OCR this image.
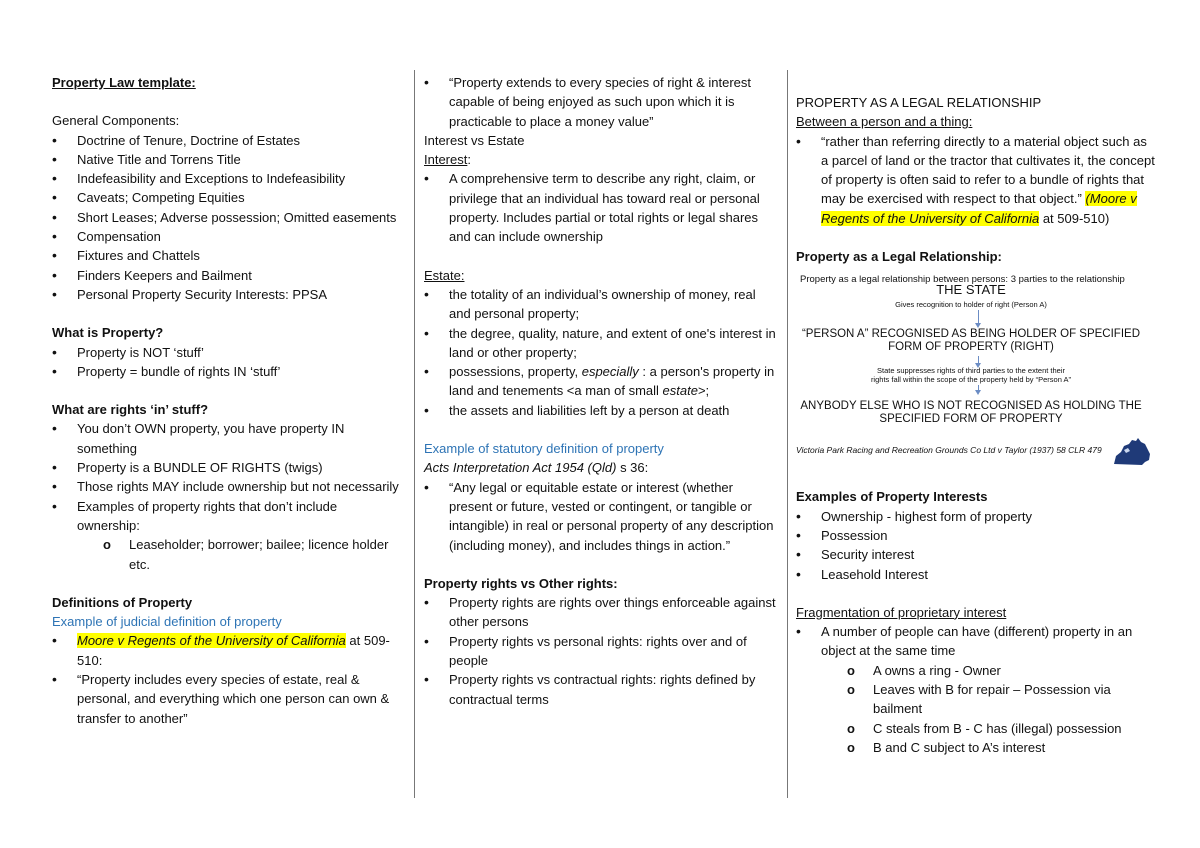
Property Law template:

General Components:

• Doctrine of Tenure, Doctrine of Estates
• Native Title and Torrens Title
• Indefeasibility and Exceptions to Indefeasibility
• Caveats; Competing Equities
• Short Leases; Adverse possession; Omitted easements
• Compensation
• Fixtures and Chattels
• Finders Keepers and Bailment
• Personal Property Security Interests: PPSA

What is Property?

• Property is NOT ‘stuff’
• Property = bundle of rights IN ‘stuff’

What are rights ‘in’ stuff?

• You don’t OWN property, you have property IN something
• Property is a BUNDLE OF RIGHTS (twigs)
• Those rights MAY include ownership but not necessarily
• Examples of property rights that don’t include ownership:
o Leaseholder; borrower; bailee; licence holder etc.

Definitions of Property

Example of judicial definition of property

• Moore v Regents of the University of California at 509-510:
• “Property includes every species of estate, real & personal, and everything which one person can own & transfer to another”
• “Property extends to every species of right & interest capable of being enjoyed as such upon which it is practicable to place a money value”

Interest vs Estate

Interest:

• A comprehensive term to describe any right, claim, or privilege that an individual has toward real or personal property. Includes partial or total rights or legal shares and can include ownership

Estate:

• the totality of an individual’s ownership of money, real and personal property;
• the degree, quality, nature, and extent of one's interest in land or other property;
• possessions, property, especially : a person's property in land and tenements <a man of small estate>;
• the assets and liabilities left by a person at death

Example of statutory definition of property

Acts Interpretation Act 1954 (Qld) s 36:

• “Any legal or equitable estate or interest (whether present or future, vested or contingent, or tangible or intangible) in real or personal property of any description (including money), and includes things in action.”

Property rights vs Other rights:

• Property rights are rights over things enforceable against other persons
• Property rights vs personal rights: rights over and of people
• Property rights vs contractual rights: rights defined by contractual terms

PROPERTY AS A LEGAL RELATIONSHIP

Between a person and a thing:

• “rather than referring directly to a material object such as a parcel of land or the tractor that cultivates it, the concept of property is often said to refer to a bundle of rights that may be exercised with respect to that object.” (Moore v Regents of the University of California at 509-510)

Property as a Legal Relationship:

Property as a legal relationship between persons: 3 parties to the relationship
THE STATE
Gives recognition to holder of right (Person A)
“PERSON A” RECOGNISED AS BEING HOLDER OF SPECIFIED FORM OF PROPERTY (RIGHT)
State suppresses rights of third parties to the extent their
rights fall within the scope of the property held by “Person A”
ANYBODY ELSE WHO IS NOT RECOGNISED AS HOLDING THE SPECIFIED FORM OF PROPERTY
Victoria Park Racing and Recreation Grounds Co Ltd v Taylor (1937) 58 CLR 479

Examples of Property Interests

• Ownership - highest form of property
• Possession
• Security interest
• Leasehold Interest

Fragmentation of proprietary interest

• A number of people can have (different) property in an object at the same time
o A owns a ring - Owner
o Leaves with B for repair – Possession via bailment
o C steals from B - C has (illegal) possession
o B and C subject to A’s interest
